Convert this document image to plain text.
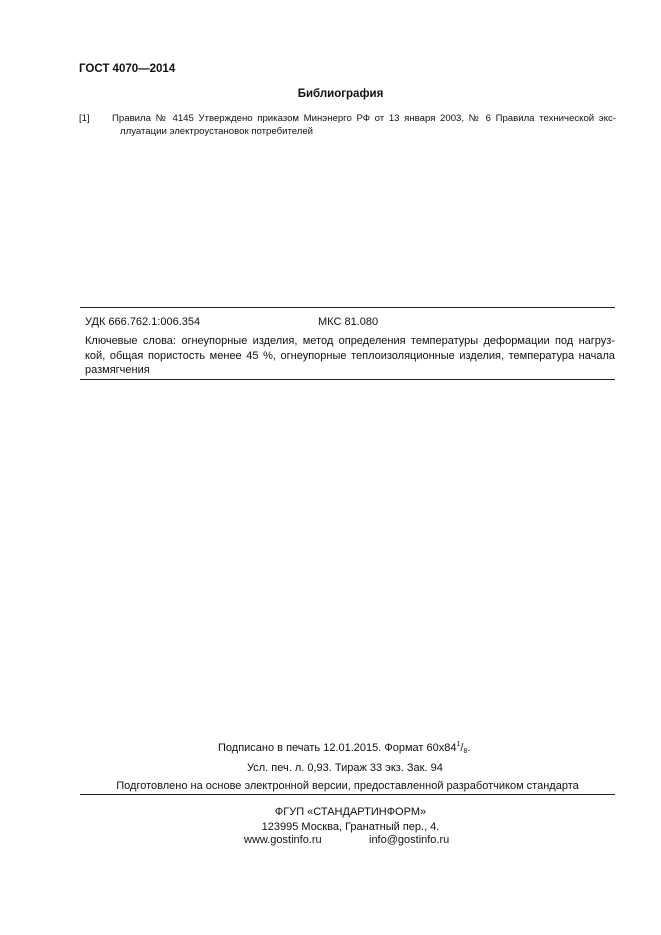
ГОСТ 4070—2014
Библиография
[1] Правила № 4145 Утверждено приказом Минэнерго РФ от 13 января 2003, № 6 Правила технической экс-
ллуатации электроустановок потребителей

УДК 666.762.1:006.354	МКС 81.080

Ключевые слова: огнеупорные изделия, метод определения температуры деформации под нагруз-
кой, общая пористость менее 45 %, огнеупорные теплоизоляционные изделия, температура начала
размягчения

Подписано в печать 12.01.2015. Формат $60x84^1/_8$.
Усл. печ. л. 0,93. Тираж 33 экз. Зак. 94
Подготовлено на основе электронной версии, предоставленной разработчиком стандарта
ФГУП «СТАНДАРТИНФОРМ»
123995 Москва, Гранатный пер., 4.
www.gostinfo.ru	info@gostinfo.ru
